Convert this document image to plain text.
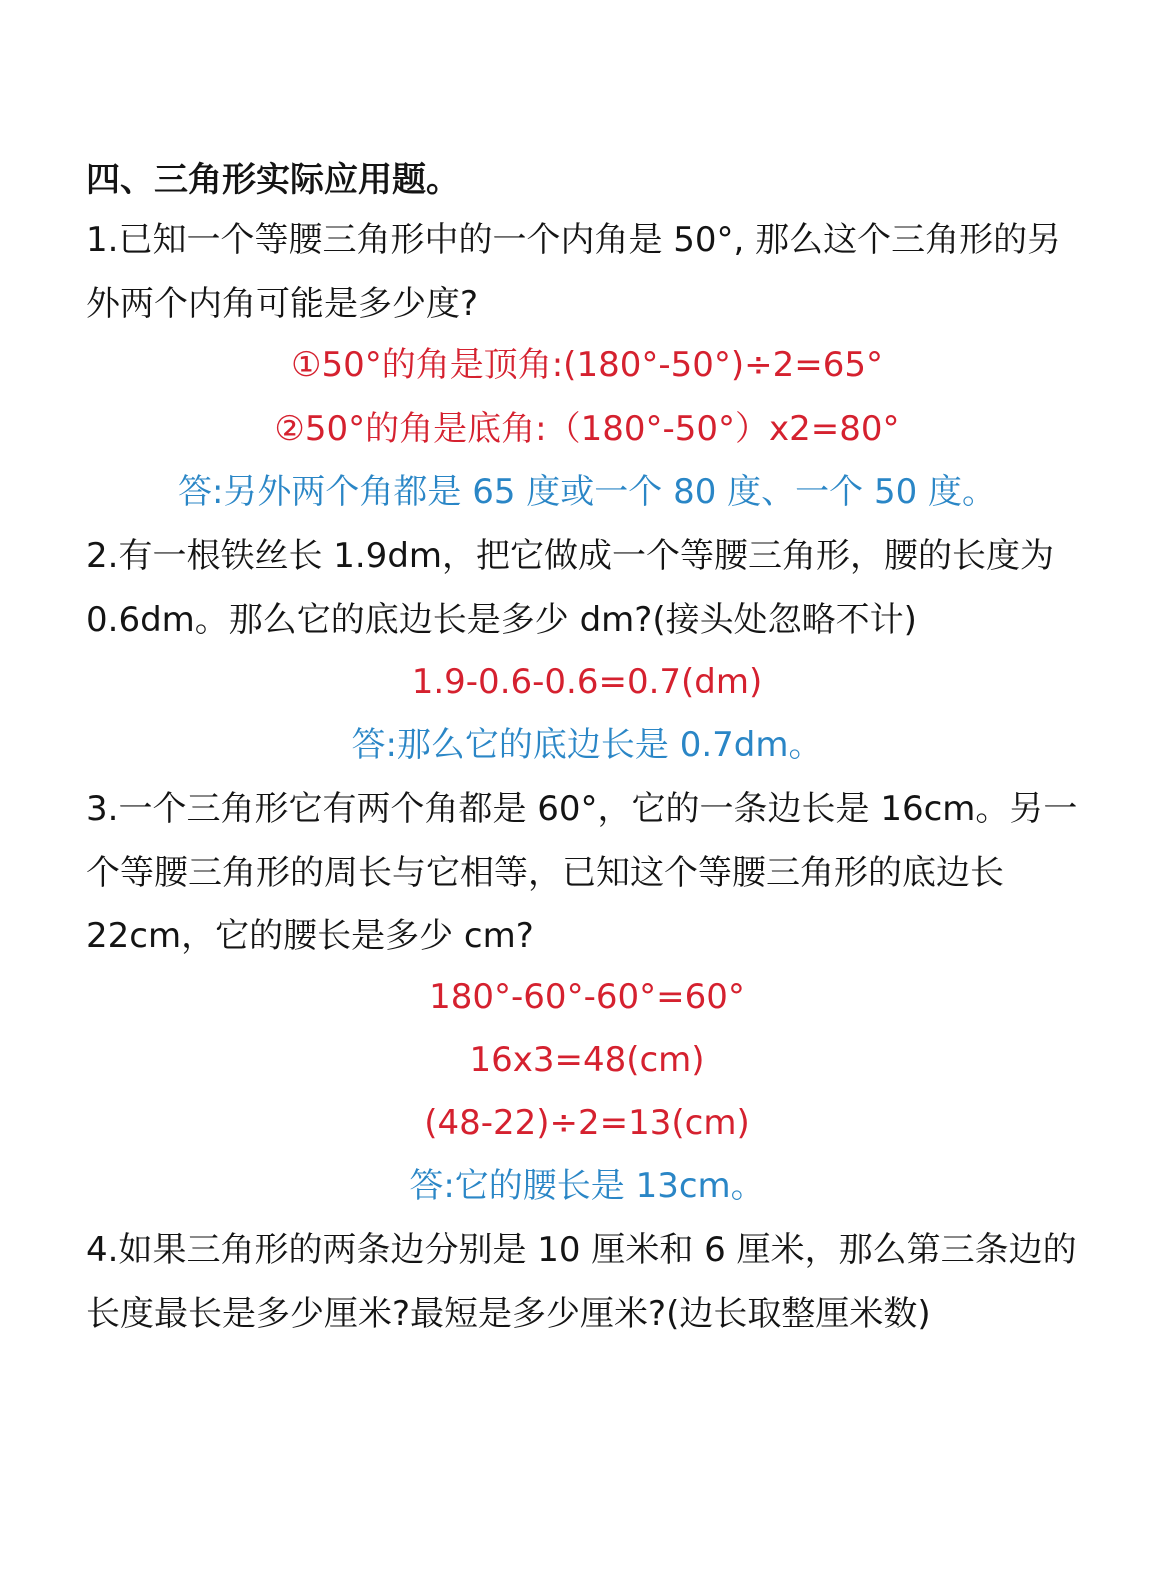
四、三角形实际应用题。
1.已知一个等腰三角形中的一个内角是 50°, 那么这个三角形的另
外两个内角可能是多少度?
①50°的角是顶角:(180°-50°)÷2=65°
②50°的角是底角:（180°-50°）x2=80°
答:另外两个角都是 65 度或一个 80 度、一个 50 度。
2.有一根铁丝长 1.9dm，把它做成一个等腰三角形，腰的长度为
0.6dm。那么它的底边长是多少 dm?(接头处忽略不计)
1.9-0.6-0.6=0.7(dm)
答:那么它的底边长是 0.7dm。
3.一个三角形它有两个角都是 60°，它的一条边长是 16cm。另一
个等腰三角形的周长与它相等，已知这个等腰三角形的底边长
22cm，它的腰长是多少 cm?
180°-60°-60°=60°
16x3=48(cm)
(48-22)÷2=13(cm)
答:它的腰长是 13cm。
4.如果三角形的两条边分别是 10 厘米和 6 厘米，那么第三条边的
长度最长是多少厘米?最短是多少厘米?(边长取整厘米数)
